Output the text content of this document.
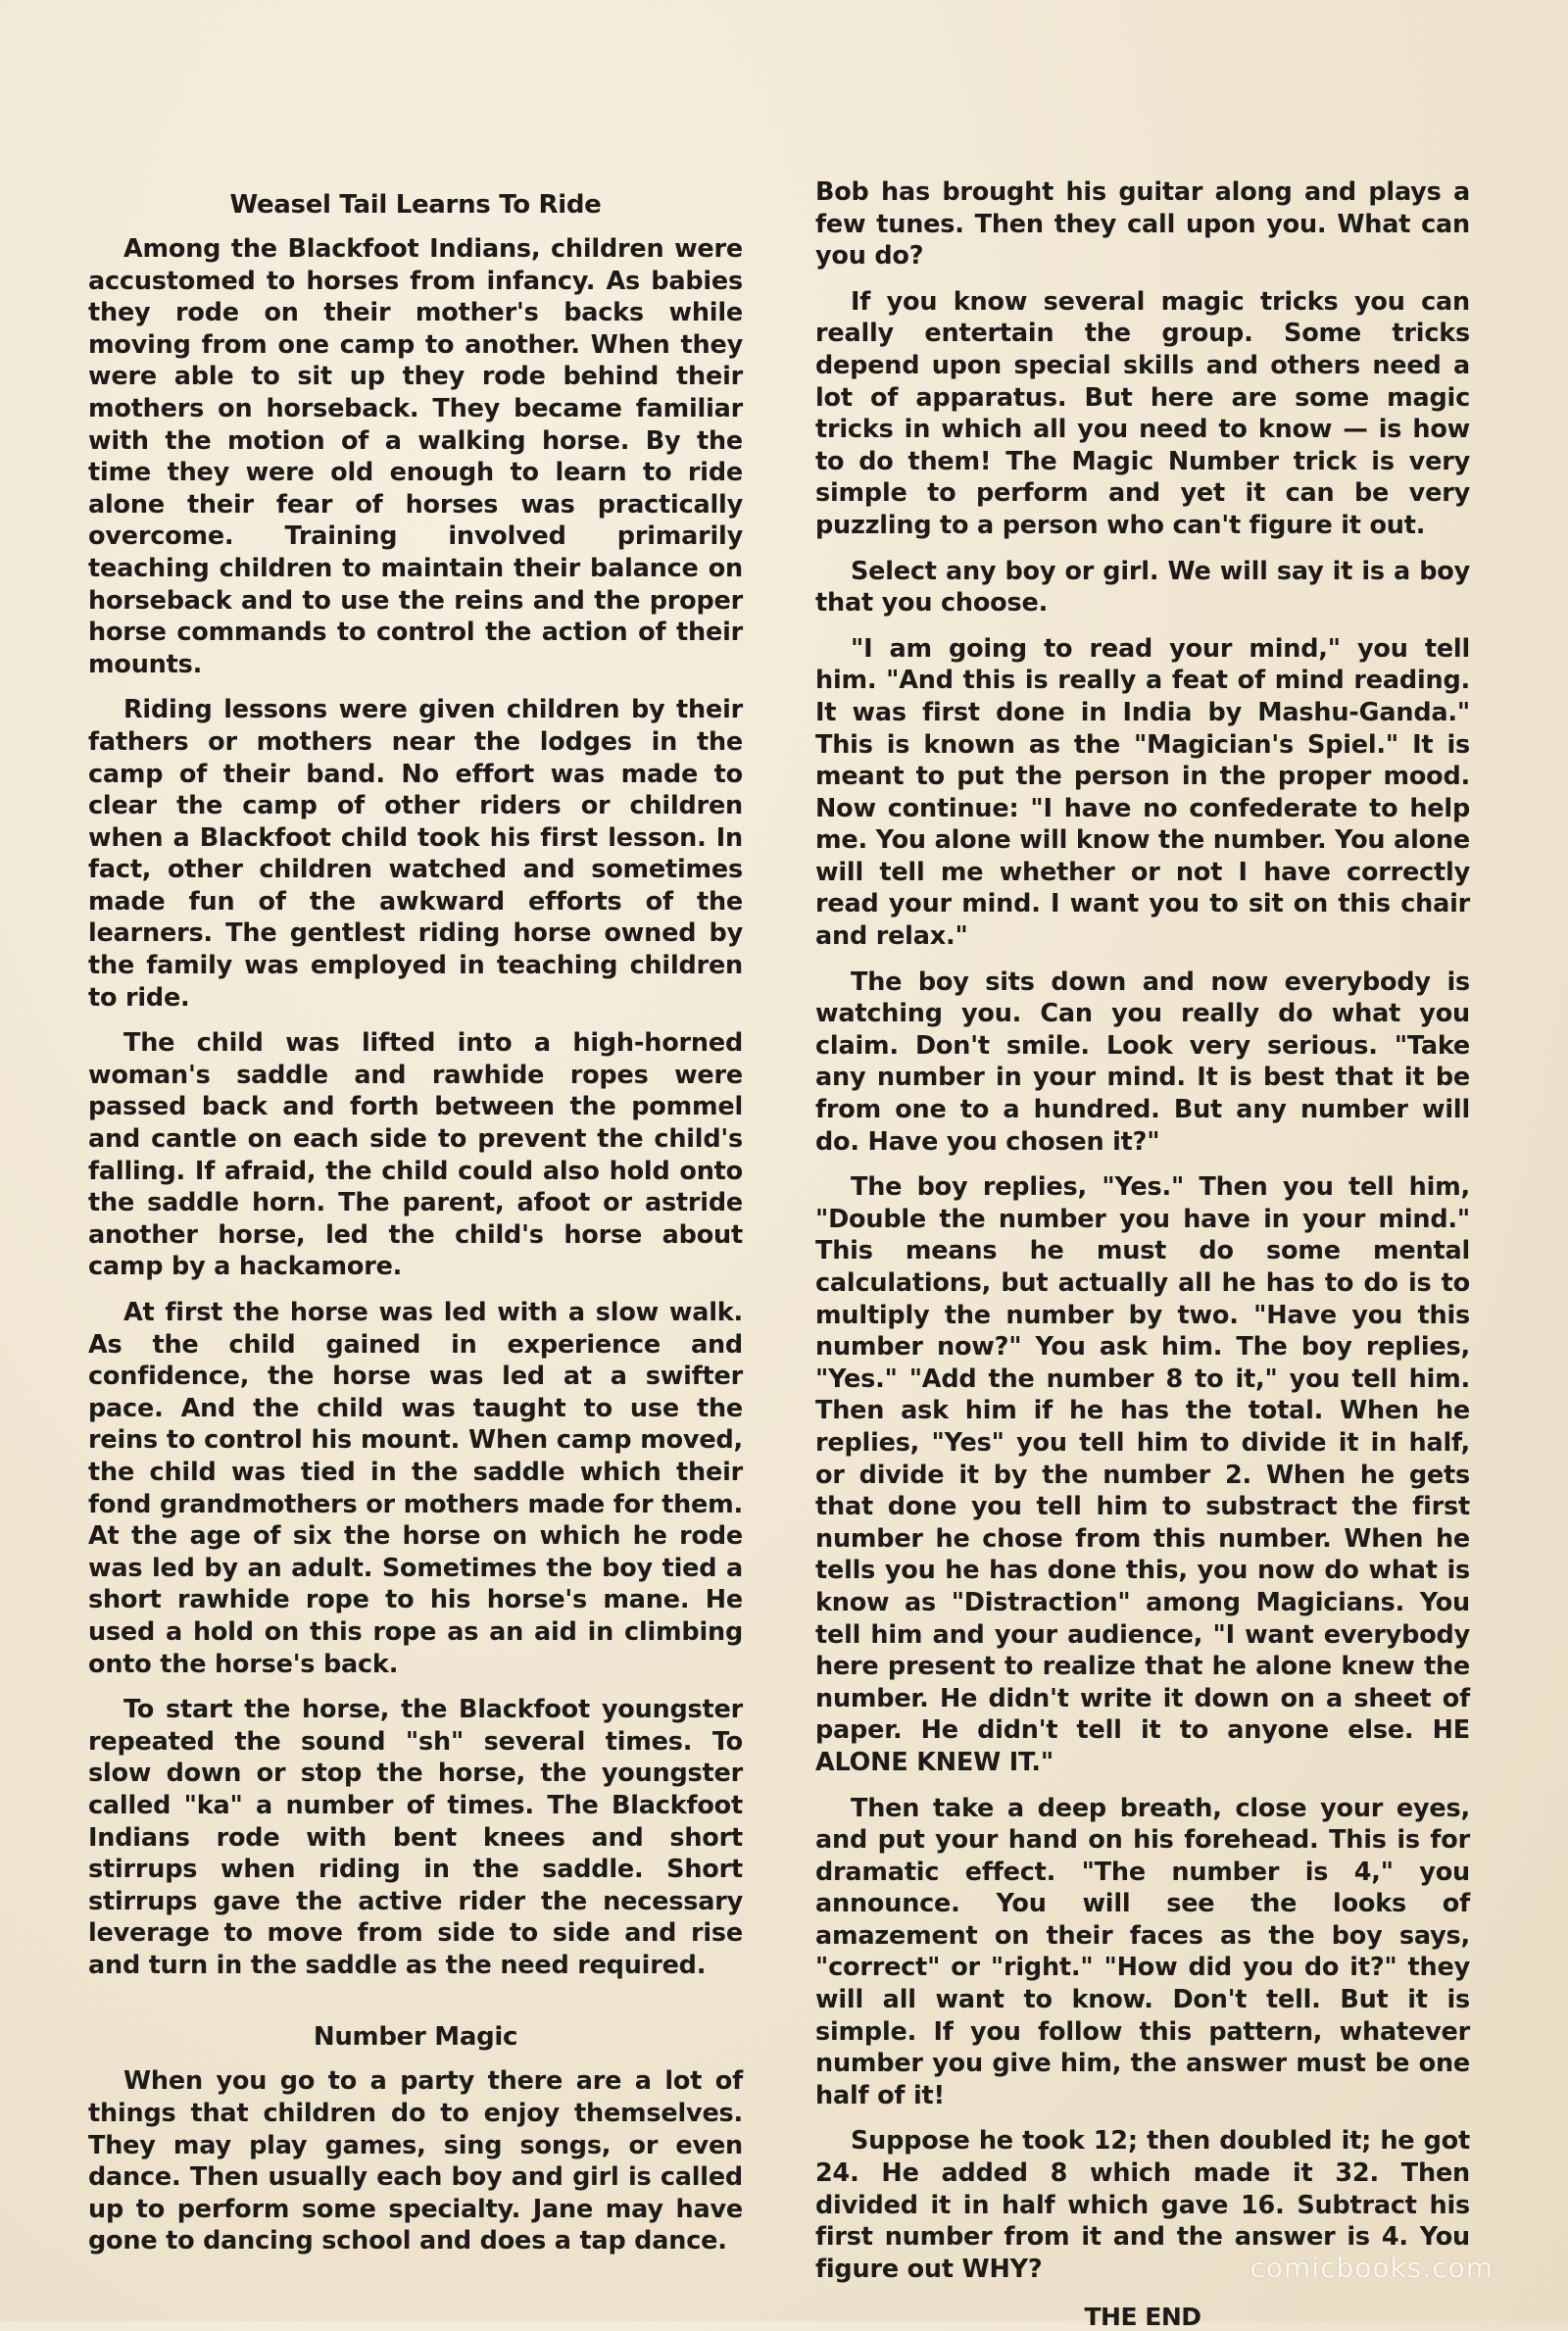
Weasel Tail Learns To Ride

Among the Blackfoot Indians, children were accustomed to horses from infancy. As babies they rode on their mother's backs while moving from one camp to another. When they were able to sit up they rode behind their mothers on horseback. They became familiar with the motion of a walking horse. By the time they were old enough to learn to ride alone their fear of horses was practically overcome. Training involved primarily teaching children to maintain their balance on horseback and to use the reins and the proper horse commands to control the action of their mounts.

Riding lessons were given children by their fathers or mothers near the lodges in the camp of their band. No effort was made to clear the camp of other riders or children when a Blackfoot child took his first lesson. In fact, other children watched and sometimes made fun of the awkward efforts of the learners. The gentlest riding horse owned by the family was employed in teaching children to ride.

The child was lifted into a high-horned woman's saddle and rawhide ropes were passed back and forth between the pommel and cantle on each side to prevent the child's falling. If afraid, the child could also hold onto the saddle horn. The parent, afoot or astride another horse, led the child's horse about camp by a hackamore.

At first the horse was led with a slow walk. As the child gained in experience and confidence, the horse was led at a swifter pace. And the child was taught to use the reins to control his mount. When camp moved, the child was tied in the saddle which their fond grandmothers or mothers made for them. At the age of six the horse on which he rode was led by an adult. Sometimes the boy tied a short rawhide rope to his horse's mane. He used a hold on this rope as an aid in climbing onto the horse's back.

To start the horse, the Blackfoot youngster repeated the sound "sh" several times. To slow down or stop the horse, the youngster called "ka" a number of times. The Blackfoot Indians rode with bent knees and short stirrups when riding in the saddle. Short stirrups gave the active rider the necessary leverage to move from side to side and rise and turn in the saddle as the need required.

Number Magic

When you go to a party there are a lot of things that children do to enjoy themselves. They may play games, sing songs, or even dance. Then usually each boy and girl is called up to perform some specialty. Jane may have gone to dancing school and does a tap dance.

Bob has brought his guitar along and plays a few tunes. Then they call upon you. What can you do?

If you know several magic tricks you can really entertain the group. Some tricks depend upon special skills and others need a lot of apparatus. But here are some magic tricks in which all you need to know — is how to do them! The Magic Number trick is very simple to perform and yet it can be very puzzling to a person who can't figure it out.

Select any boy or girl. We will say it is a boy that you choose.

"I am going to read your mind," you tell him. "And this is really a feat of mind reading. It was first done in India by Mashu-Ganda." This is known as the "Magician's Spiel." It is meant to put the person in the proper mood. Now continue: "I have no confederate to help me. You alone will know the number. You alone will tell me whether or not I have correctly read your mind. I want you to sit on this chair and relax."

The boy sits down and now everybody is watching you. Can you really do what you claim. Don't smile. Look very serious. "Take any number in your mind. It is best that it be from one to a hundred. But any number will do. Have you chosen it?"

The boy replies, "Yes." Then you tell him, "Double the number you have in your mind." This means he must do some mental calculations, but actually all he has to do is to multiply the number by two. "Have you this number now?" You ask him. The boy replies, "Yes." "Add the number 8 to it," you tell him. Then ask him if he has the total. When he replies, "Yes" you tell him to divide it in half, or divide it by the number 2. When he gets that done you tell him to substract the first number he chose from this number. When he tells you he has done this, you now do what is know as "Distraction" among Magicians. You tell him and your audience, "I want everybody here present to realize that he alone knew the number. He didn't write it down on a sheet of paper. He didn't tell it to anyone else. HE ALONE KNEW IT."

Then take a deep breath, close your eyes, and put your hand on his forehead. This is for dramatic effect. "The number is 4," you announce. You will see the looks of amazement on their faces as the boy says, "correct" or "right." "How did you do it?" they will all want to know. Don't tell. But it is simple. If you follow this pattern, whatever number you give him, the answer must be one half of it!

Suppose he took 12; then doubled it; he got 24. He added 8 which made it 32. Then divided it in half which gave 16. Subtract his first number from it and the answer is 4. You figure out WHY?

THE END
comicbooks.com
